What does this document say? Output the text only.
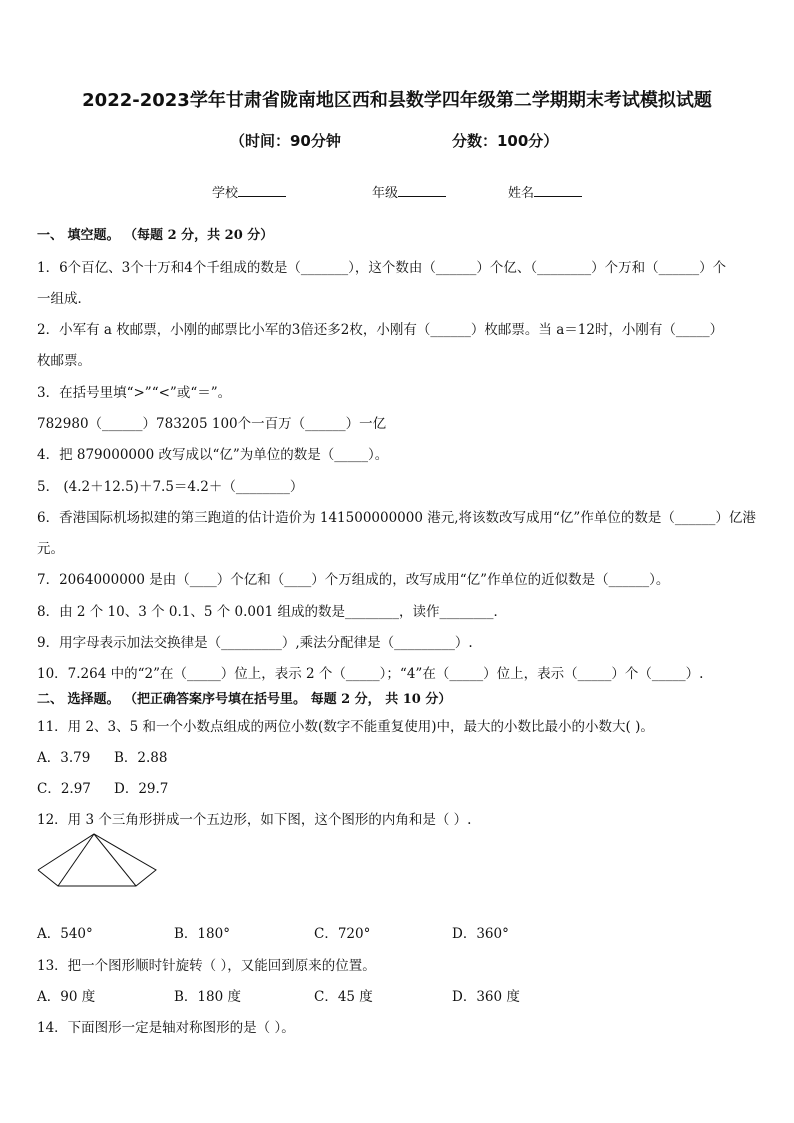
2022-2023学年甘肃省陇南地区西和县数学四年级第二学期期末考试模拟试题
（时间：90分钟	分数：100分）
学校	年级	姓名
一、 填空题。 （每题 2 分，共 20 分）
1．6个百亿、3个十万和4个千组成的数是（_______），这个数由（______）个亿、（________）个万和（______）个
一组成．
2．小军有 a 枚邮票，小刚的邮票比小军的3倍还多2枚，小刚有（______）枚邮票。当 a＝12时，小刚有（_____）
枚邮票。
3．在括号里填“>”“<”或“＝”。
782980（______）783205 100个一百万（______）一亿
4．把 879000000 改写成以“亿”为单位的数是（_____）。
5． (4.2＋12.5)＋7.5＝4.2＋（________）
6．香港国际机场拟建的第三跑道的估计造价为 141500000000 港元,将该数改写成用“亿”作单位的数是（______）亿港
元。
7．2064000000 是由（____）个亿和（____）个万组成的，改写成用“亿”作单位的近似数是（______）。
8．由 2 个 10、3 个 0.1、5 个 0.001 组成的数是________，读作________．
9．用字母表示加法交换律是（_________）,乘法分配律是（_________）.
10．7.264 中的“2”在（_____）位上，表示 2 个（_____）；“4”在（_____）位上，表示（_____）个（_____）.
二、 选择题。 （把正确答案序号填在括号里。 每题 2 分， 共 10 分）
11．用 2、3、5 和一个小数点组成的两位小数(数字不能重复使用)中，最大的小数比最小的小数大( )。
A．3.79 B．2.88
C．2.97 D．29.7
12．用 3 个三角形拼成一个五边形，如下图，这个图形的内角和是（ ）.
A．540°	B．180°	C．720°	D．360°
13．把一个图形顺时针旋转（ ），又能回到原来的位置。
A．90 度	B．180 度	C．45 度	D．360 度
14．下面图形一定是轴对称图形的是（ ）。
